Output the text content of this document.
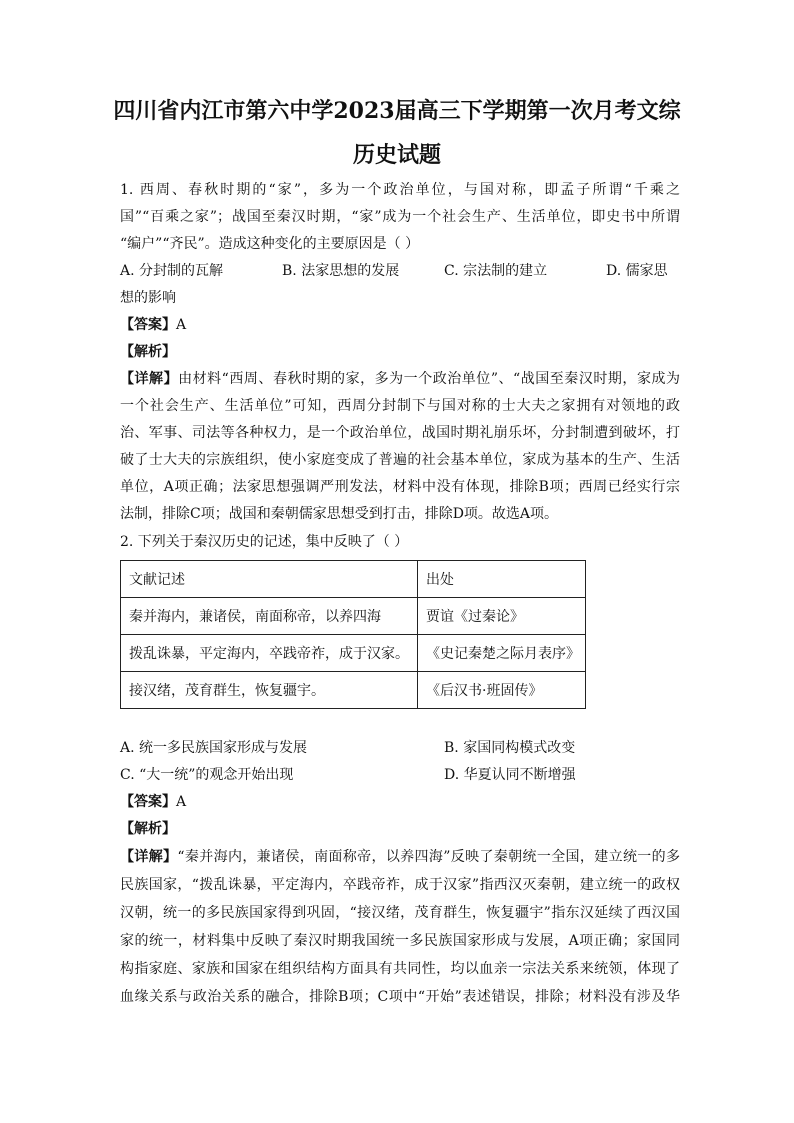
四川省内江市第六中学2023届高三下学期第一次月考文综
历史试题
1. 西周、春秋时期的“家”，多为一个政治单位，与国对称，即孟子所谓“千乘之
国”“百乘之家”；战国至秦汉时期，“家”成为一个社会生产、生活单位，即史书中所谓
“编户”“齐民”。造成这种变化的主要原因是（ ）
A. 分封制的瓦解	B. 法家思想的发展	C. 宗法制的建立	D. 儒家思
想的影响
【答案】A
【解析】
【详解】由材料“西周、春秋时期的家，多为一个政治单位”、“战国至秦汉时期，家成为
一个社会生产、生活单位”可知，西周分封制下与国对称的士大夫之家拥有对领地的政
治、军事、司法等各种权力，是一个政治单位，战国时期礼崩乐坏，分封制遭到破坏，打
破了士大夫的宗族组织，使小家庭变成了普遍的社会基本单位，家成为基本的生产、生活
单位，A项正确；法家思想强调严刑发法，材料中没有体现，排除B项；西周已经实行宗
法制，排除C项；战国和秦朝儒家思想受到打击，排除D项。故选A项。
2. 下列关于秦汉历史的记述，集中反映了（ ）
文献记述	出处
秦并海内，兼诸侯，南面称帝，以养四海	贾谊《过秦论》
拨乱诛暴，平定海内，卒践帝祚，成于汉家。	《史记秦楚之际月表序》
接汉绪，茂育群生，恢复疆宇。	《后汉书·班固传》
A. 统一多民族国家形成与发展	B. 家国同构模式改变
C. “大一统”的观念开始出现	D. 华夏认同不断增强
【答案】A
【解析】
【详解】“秦并海内，兼诸侯，南面称帝，以养四海”反映了秦朝统一全国，建立统一的多
民族国家，“拨乱诛暴，平定海内，卒践帝祚，成于汉家”指西汉灭秦朝，建立统一的政权
汉朝，统一的多民族国家得到巩固，“接汉绪，茂育群生，恢复疆宇”指东汉延续了西汉国
家的统一，材料集中反映了秦汉时期我国统一多民族国家形成与发展，A项正确；家国同
构指家庭、家族和国家在组织结构方面具有共同性，均以血亲一宗法关系来统领，体现了
血缘关系与政治关系的融合，排除B项；C项中“开始”表述错误，排除；材料没有涉及华
